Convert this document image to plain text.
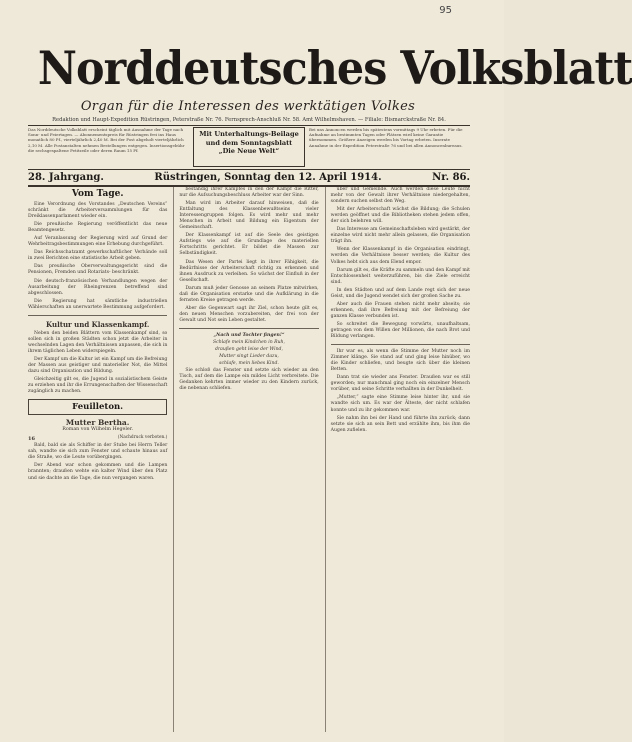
95
Norddeutsches Volksblatt
Organ für die Interessen des werktätigen Volkes
Redaktion und Haupt-Expedition Rüstringen, Peterstraße Nr. 76. Fernsprech-Anschluß Nr. 58. Amt Wilhelmshaven. — Filiale: Bismarckstraße Nr. 84.
Das Norddeutsche Volksblatt erscheint täglich mit Ausnahme der Tage nach Sonn- und Feiertagen. — Abonnementspreis für Rüstringen frei ins Haus monatlich 80 Pf., vierteljährlich 2,40 M. Bei der Post abgeholt vierteljährlich 2,10 M. Alle Postanstalten nehmen Bestellungen entgegen. Insertionsgebühr die sechsgespaltene Petitzeile oder deren Raum 15 Pf.
Mit Unterhaltungs-Beilage
und dem Sonntagsblatt „Die Neue Welt“
Bei uns Annoncen werden bis spätestens vormittags 9 Uhr erbeten. Für die Aufnahme an bestimmten Tagen oder Plätzen wird keine Garantie übernommen. Größere Anzeigen werden bis Vortag erbeten. Inserate Annahme in der Expedition Peterstraße 76 und bei allen Annoncenbureaus.
28. Jahrgang.	Rüstringen, Sonntag den 12. April 1914.	Nr. 86.
Vom Tage.

Eine Verordnung des Vorstandes „Deutschen Vereins“ schränkt die Arbeiterversammlungen für das Dreiklassenparlament wieder ein.

Die preußische Regierung veröffentlicht das neue Beamtengesetz.

Auf Veranlassung der Regierung wird auf Grund der Wehrbeitragsbestimmungen eine Erhebung durchgeführt.

Das Reichsschatzamt gewerkschaftlicher Verbände soll in zwei Berichten eine statistische Arbeit geben.

Das preußische Oberverwaltungsgericht sind die Pensionen, Fremden und Rotariats- beschränkt.

Die deutsch-französischen Verhandlungen wegen der Ausarbeitung der Rheingrenzen betreffend sind abgeschlossen.

Die Regierung hat sämtliche industriellen Wählerschaften an unerwartete Bestimmung aufgefordert.

Kultur und Klassenkampf.

Neben den beiden Blättern vom Klassenkampf sind, so sollen sich in großen Städten schon jetzt die Arbeiter in wechselnden Lagen den Verhältnissen anpassen, die sich in ihrem täglichen Leben widerspiegeln.

Der Kampf um die Kultur ist ein Kampf um die Befreiung der Massen aus geistiger und materieller Not, die Mittel dazu sind Organisation und Bildung.

Gleichzeitig gilt es, die Jugend in sozialistischem Geiste zu erziehen und ihr die Errungenschaften der Wissenschaft zugänglich zu machen.

Feuilleton.
Mutter Bertha.
Roman von Wilhelm Hegeler.
16	(Nachdruck verboten.)

Bald, bald sie als Schiffer in der Stube bei Herrn Teller sah, wandte sie sich zum Fenster und schaute hinaus auf die Straße, wo die Leute vorübergingen.

Der Abend war schon gekommen und die Lampen brannten; draußen wehte ein kalter Wind über den Platz und sie dachte an die Tage, die nun vergangen waren.

beständig ihrer Kampfes in den der Kampf die Ritter, nur die Aufsuchungsbeschluss Arbeiter war der Sinn.

Man wird im Arbeiter darauf hinweisen, daß die Entfaltung des Klassenbewußtseins vieler Interessengruppen folgen. Es wird mehr und mehr Menschen in Arbeit und Bildung ein Eigentum der Gemeinschaft.

Der Klassenkampf ist auf die Seele des geistigen Aufstiegs wie auf die Grundlage des materiellen Fortschritts gerichtet. Er bildet die Massen zur Selbständigkeit.

Das Wesen der Partei liegt in ihrer Fähigkeit, die Bedürfnisse der Arbeiterschaft richtig zu erkennen und ihnen Ausdruck zu verleihen. So wächst der Einfluß in der Gesellschaft.

Darum muß jeder Genosse an seinem Platze mitwirken, daß die Organisation erstarke und die Aufklärung in die fernsten Kreise getragen werde.

Aber die Gegenwart sagt ihr Ziel, schon heute gilt es, den neuen Menschen vorzubereiten, der frei von der Gewalt und Not sein Leben gestaltet.

„Nach und Tochter fingen!“
Schlafe mein Kindchen in Ruh,
draußen geht leise der Wind,
Mutter singt Lieder dazu,
schlafe, mein liebes Kind.

Sie schloß das Fenster und setzte sich wieder an den Tisch, auf dem die Lampe ein mildes Licht verbreitete. Die Gedanken kehrten immer wieder zu den Kindern zurück, die nebenan schliefen.

über und Gemeinde. Auch werden diese Leute nicht mehr von der Gewalt ihrer Verhältnisse niedergehalten, sondern suchen selbst den Weg.

Mit der Arbeiterschaft wächst die Bildung; die Schulen werden geöffnet und die Bibliotheken stehen jedem offen, der sich belehren will.

Das Interesse am Gemeinschaftsleben wird gestärkt, der einzelne wird nicht mehr allein gelassen, die Organisation trägt ihn.

Wenn der Klassenkampf in die Organisation eindringt, werden die Verhältnisse besser werden; die Kultur des Volkes hebt sich aus dem Elend empor.

Darum gilt es, die Kräfte zu sammeln und den Kampf mit Entschlossenheit weiterzuführen, bis die Ziele erreicht sind.

In den Städten und auf dem Lande regt sich der neue Geist, und die Jugend wendet sich der großen Sache zu.

Aber auch die Frauen stehen nicht mehr abseits; sie erkennen, daß ihre Befreiung mit der Befreiung der ganzen Klasse verbunden ist.

So schreitet die Bewegung vorwärts, unaufhaltsam, getragen von dem Willen der Millionen, die nach Brot und Bildung verlangen.

Ihr war es, als wenn die Stimme der Mutter noch im Zimmer klänge. Sie stand auf und ging leise hinüber, wo die Kinder schliefen, und beugte sich über die kleinen Betten.

Dann trat sie wieder ans Fenster. Draußen war es still geworden; nur manchmal ging noch ein einzelner Mensch vorüber, und seine Schritte verhallten in der Dunkelheit.

„Mutter,“ sagte eine Stimme leise hinter ihr, und sie wandte sich um. Es war der Älteste, der nicht schlafen konnte und zu ihr gekommen war.

Sie nahm ihn bei der Hand und führte ihn zurück; dann setzte sie sich an sein Bett und erzählte ihm, bis ihm die Augen zufielen.
